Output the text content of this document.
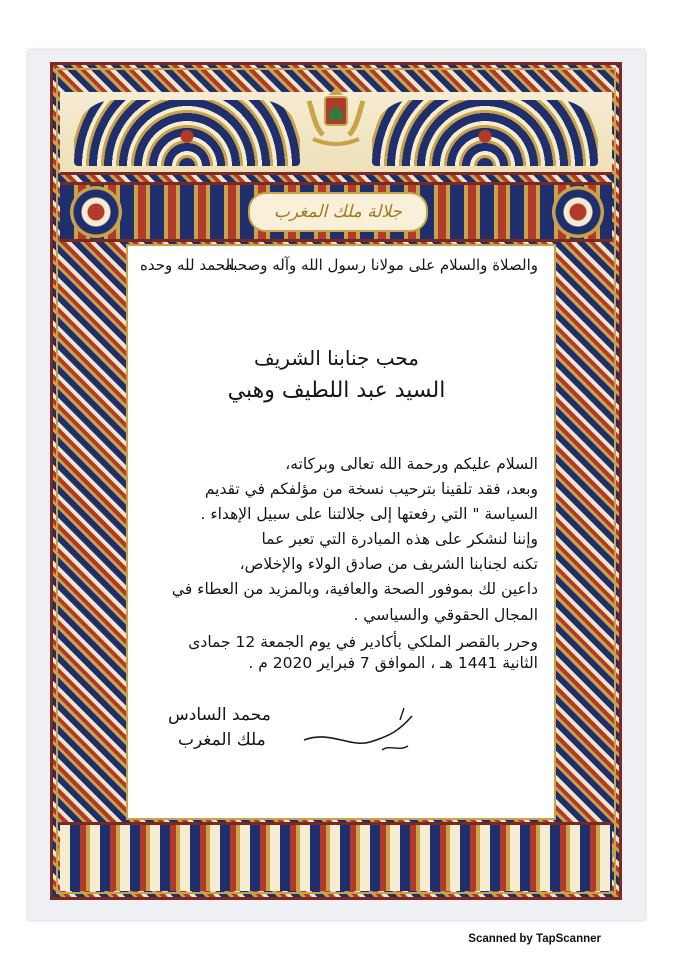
جلالة ملك المغرب
والصلاة والسلام على مولانا رسول الله وآله وصحبه
الحمد لله وحده
محب جنابنا الشريف
السيد عبد اللطيف وهبي
السلام عليكم ورحمة الله تعالى وبركاته،
وبعد، فقد تلقينا بترحيب نسخة من مؤلفكم في تقديم
السياسة " التي رفعتها إلى جلالتنا على سبيل الإهداء .
وإننا لنشكر على هذه المبادرة التي تعبر عما
تكنه لجنابنا الشريف من صادق الولاء والإخلاص،
داعين لك بموفور الصحة والعافية، وبالمزيد من العطاء في
المجال الحقوقي والسياسي .
وحرر بالقصر الملكي بأكادير في يوم الجمعة 12 جمادى
الثانية 1441 هـ ، الموافق 7 فبراير 2020 م .
محمد السادس
ملك المغرب
Scanned by TapScanner
